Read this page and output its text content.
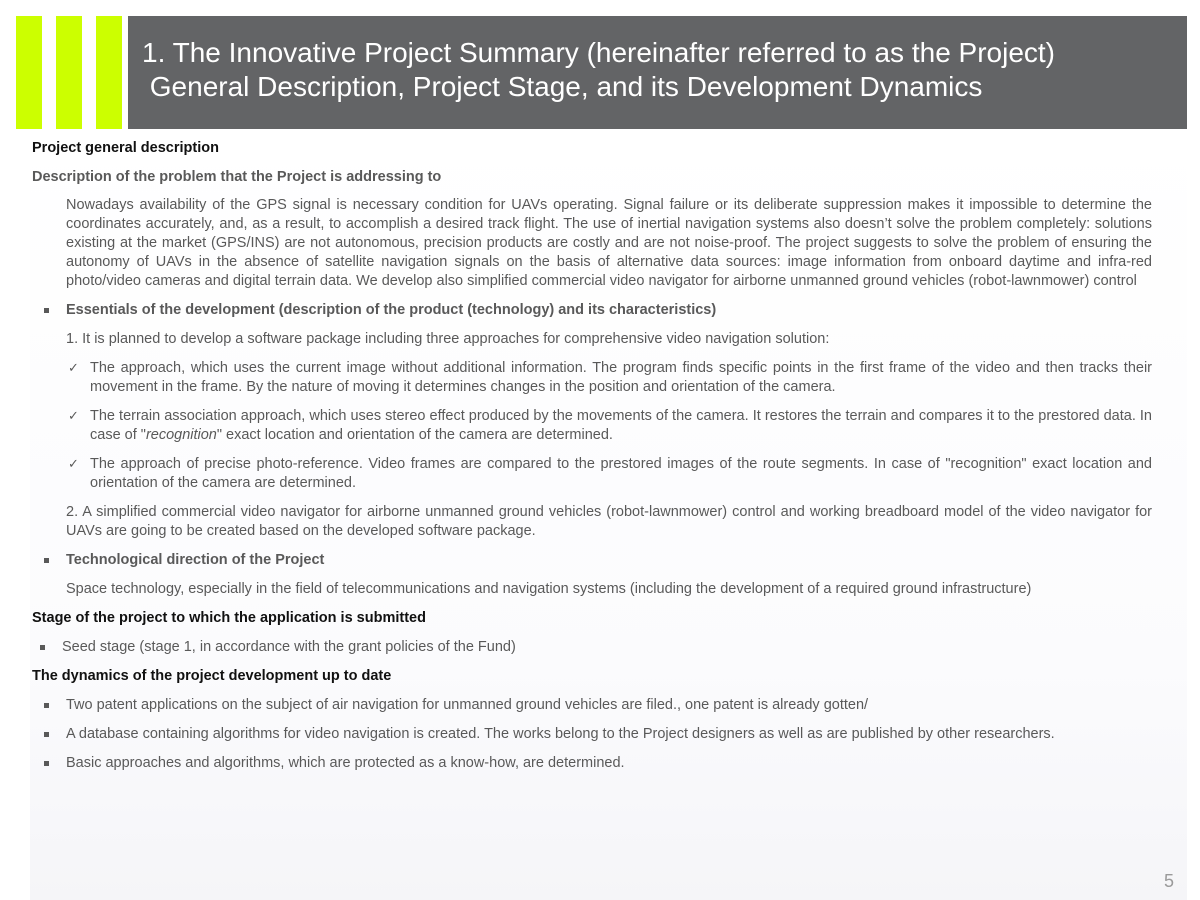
1. The Innovative Project Summary (hereinafter referred to as the Project)
General Description, Project Stage, and its Development Dynamics
Project general description
Description of the problem that the Project is addressing to
Nowadays availability of the GPS signal is necessary condition for UAVs operating. Signal failure or its deliberate suppression makes it impossible to determine the coordinates accurately, and, as a result, to accomplish a desired track flight. The use of inertial navigation systems also doesn’t solve the problem completely: solutions existing at the market (GPS/INS) are not autonomous, precision products are costly and are not noise-proof. The project suggests to solve the problem of ensuring the autonomy of UAVs in the absence of satellite navigation signals on the basis of alternative data sources: image information from onboard daytime and infra-red photo/video cameras and digital terrain data. We develop also simplified commercial video navigator for airborne unmanned ground vehicles (robot-lawnmower) control
Essentials of the development (description of the product (technology) and its characteristics)
1. It is planned to develop a software package including three approaches for comprehensive video navigation solution:
✓ The approach, which uses the current image without additional information. The program finds specific points in the first frame of the video and then tracks their movement in the frame. By the nature of moving it determines changes in the position and orientation of the camera.
✓ The terrain association approach, which uses stereo effect produced by the movements of the camera. It restores the terrain and compares it to the prestored data. In case of "recognition" exact location and orientation of the camera are determined.
✓ The approach of precise photo-reference. Video frames are compared to the prestored images of the route segments. In case of "recognition" exact location and orientation of the camera are determined.
2. A simplified commercial video navigator for airborne unmanned ground vehicles (robot-lawnmower) control and working breadboard model of the video navigator for UAVs are going to be created based on the developed software package.
Technological direction of the Project
Space technology, especially in the field of telecommunications and navigation systems (including the development of a required ground infrastructure)
Stage of the project to which the application is submitted
Seed stage (stage 1, in accordance with the grant policies of the Fund)
The dynamics of the project development up to date
Two patent applications on the subject of air navigation for unmanned ground vehicles are filed., one patent is already gotten/
A database containing algorithms for video navigation is created. The works belong to the Project designers as well as are published by other researchers.
Basic approaches and algorithms, which are protected as a know-how, are determined.
5
